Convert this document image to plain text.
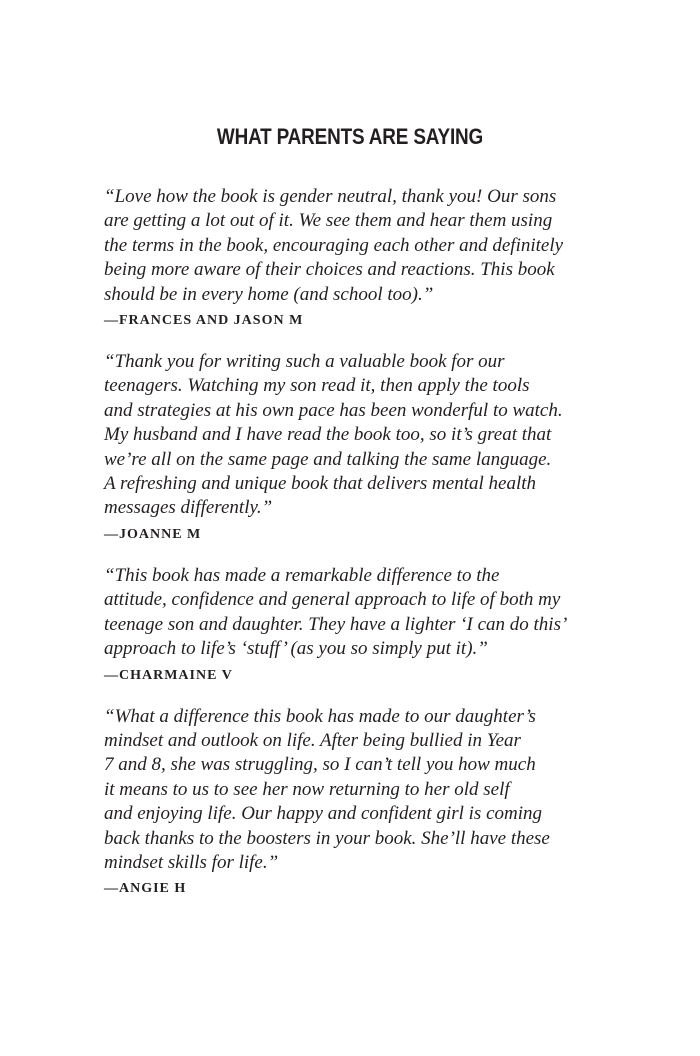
WHAT PARENTS ARE SAYING

“Love how the book is gender neutral, thank you! Our sons
are getting a lot out of it. We see them and hear them using
the terms in the book, encouraging each other and definitely
being more aware of their choices and reactions. This book
should be in every home (and school too).”

—FRANCES AND JASON M

“Thank you for writing such a valuable book for our
teenagers. Watching my son read it, then apply the tools
and strategies at his own pace has been wonderful to watch.
My husband and I have read the book too, so it’s great that
we’re all on the same page and talking the same language.
A refreshing and unique book that delivers mental health
messages differently.”

—JOANNE M

“This book has made a remarkable difference to the
attitude, confidence and general approach to life of both my
teenage son and daughter. They have a lighter ‘I can do this’
approach to life’s ‘stuff’ (as you so simply put it).”

—CHARMAINE V

“What a difference this book has made to our daughter’s
mindset and outlook on life. After being bullied in Year
7 and 8, she was struggling, so I can’t tell you how much
it means to us to see her now returning to her old self
and enjoying life. Our happy and confident girl is coming
back thanks to the boosters in your book. She’ll have these
mindset skills for life.”

—ANGIE H
